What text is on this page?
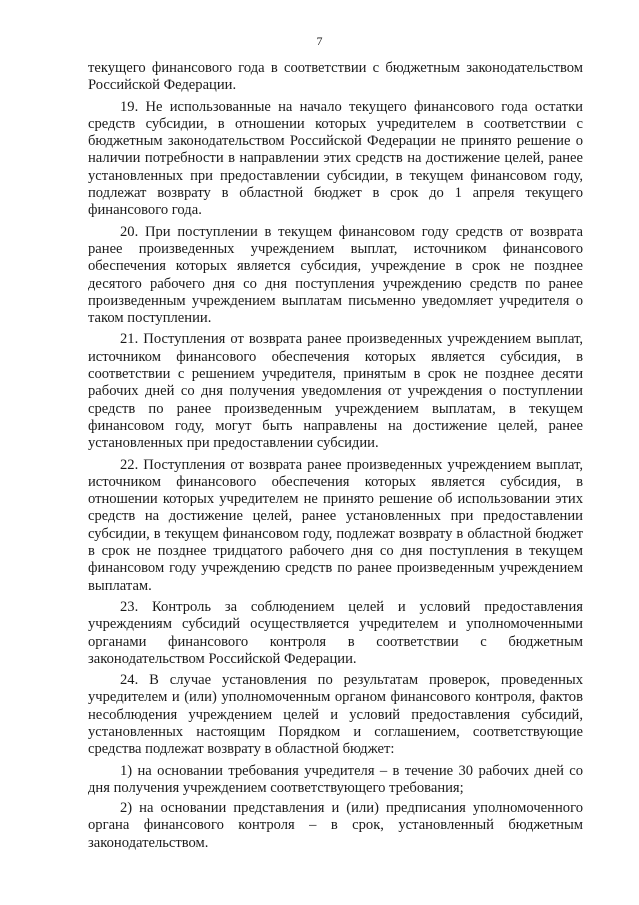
7

текущего финансового года в соответствии с бюджетным законодательством Российской Федерации.

19. Не использованные на начало текущего финансового года остатки средств субсидии, в отношении которых учредителем в соответствии с бюджетным законодательством Российской Федерации не принято решение о наличии потребности в направлении этих средств на достижение целей, ранее установленных при предоставлении субсидии, в текущем финансовом году, подлежат возврату в областной бюджет в срок до 1 апреля текущего финансового года.

20. При поступлении в текущем финансовом году средств от возврата ранее произведенных учреждением выплат, источником финансового обеспечения которых является субсидия, учреждение в срок не позднее десятого рабочего дня со дня поступления учреждению средств по ранее произведенным учреждением выплатам письменно уведомляет учредителя о таком поступлении.

21. Поступления от возврата ранее произведенных учреждением выплат, источником финансового обеспечения которых является субсидия, в соответствии с решением учредителя, принятым в срок не позднее десяти рабочих дней со дня получения уведомления от учреждения о поступлении средств по ранее произведенным учреждением выплатам, в текущем финансовом году, могут быть направлены на достижение целей, ранее установленных при предоставлении субсидии.

22. Поступления от возврата ранее произведенных учреждением выплат, источником финансового обеспечения которых является субсидия, в отношении которых учредителем не принято решение об использовании этих средств на достижение целей, ранее установленных при предоставлении субсидии, в текущем финансовом году, подлежат возврату в областной бюджет в срок не позднее тридцатого рабочего дня со дня поступления в текущем финансовом году учреждению средств по ранее произведенным учреждением выплатам.

23. Контроль за соблюдением целей и условий предоставления учреждениям субсидий осуществляется учредителем и уполномоченными органами финансового контроля в соответствии с бюджетным законодательством Российской Федерации.

24. В случае установления по результатам проверок, проведенных учредителем и (или) уполномоченным органом финансового контроля, фактов несоблюдения учреждением целей и условий предоставления субсидий, установленных настоящим Порядком и соглашением, соответствующие средства подлежат возврату в областной бюджет:

1) на основании требования учредителя – в течение 30 рабочих дней со дня получения учреждением соответствующего требования;

2) на основании представления и (или) предписания уполномоченного органа финансового контроля – в срок, установленный бюджетным законодательством.
